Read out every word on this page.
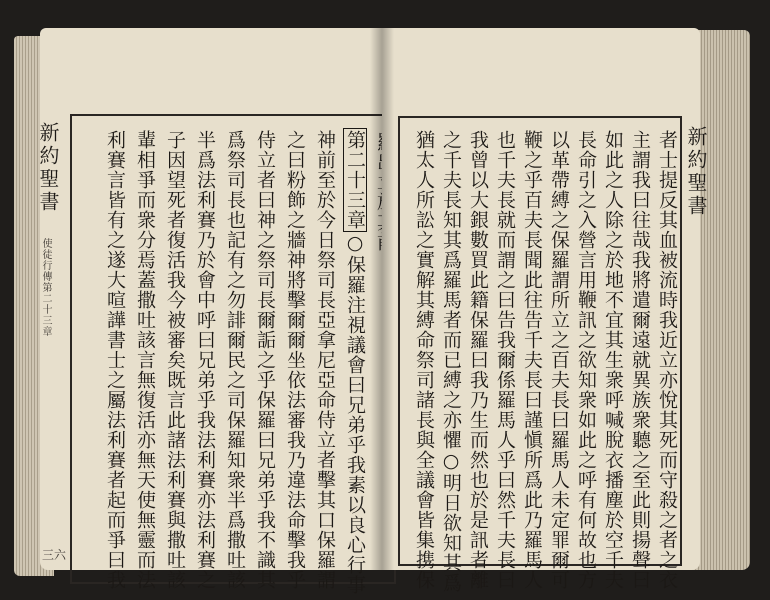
新約聖書
使徒行傳第二十三章
三六
第二十三章○保羅注視議會曰兄弟乎我素以良心行事
神前至於今日祭司長亞拿尼亞命侍立者擊其口保羅謂
之曰粉飾之牆神將擊爾爾坐依法審我乃違法命擊我乎
侍立者曰神之祭司長爾詬之乎保羅曰兄弟乎我不識其
爲祭司長也記有之勿誹爾民之司保羅知衆半爲撒吐該
半爲法利賽乃於會中呼曰兄弟乎我法利賽亦法利賽之
子因望死者復活我今被審矣既言此諸法利賽與撒吐該
輩相爭而衆分焉蓋撒吐該言無復活亦無天使無靈而法
利賽言皆有之遂大喧譁書士之屬法利賽者起而爭曰我	新約聖書
者士提反其血被流時我近立亦悅其死而守殺之者之衣
主謂我曰往哉我將遣爾遠就異族衆聽之至此則揚聲曰
如此之人除之於地不宜其生衆呼喊脫衣播塵於空千夫
長命引之入營言用鞭訊之欲知衆如此之呼有何故也方
以革帶縛之保羅謂所立之百夫長曰羅馬人未定罪爾可
鞭之乎百夫長聞此往告千夫長曰謹愼所爲此乃羅馬人
也千夫長就而謂之曰告我爾係羅馬人乎曰然千夫長曰
我曾以大銀數買此籍保羅曰我乃生而然也於是訊者離
之千夫長知其爲羅馬者而已縛之亦懼○明日欲知其爲
猶太人所訟之實解其縛命祭司諸長與全議會皆集携保
